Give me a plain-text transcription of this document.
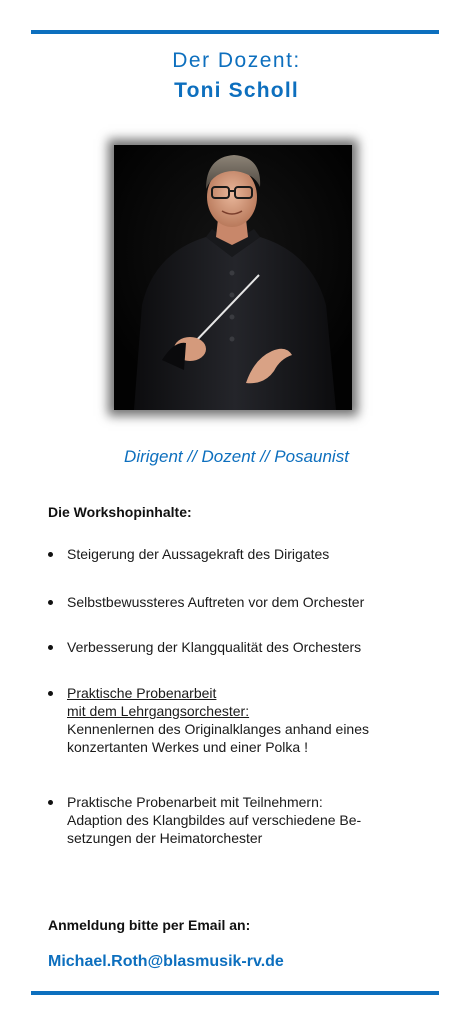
Der Dozent:
Toni Scholl
Dirigent // Dozent // Posaunist
Die Workshopinhalte:
Steigerung der Aussagekraft des Dirigates
Selbstbewussteres Auftreten vor dem Orchester
Verbesserung der Klangqualität des Orchesters
Praktische Probenarbeit
mit dem Lehrgangsorchester:
Kennenlernen des Originalklanges anhand eines
konzertanten Werkes und einer Polka !
Praktische Probenarbeit mit Teilnehmern:
Adaption des Klangbildes auf verschiedene Be-
setzungen der Heimatorchester
Anmeldung bitte per Email an:
Michael.Roth@blasmusik-rv.de
